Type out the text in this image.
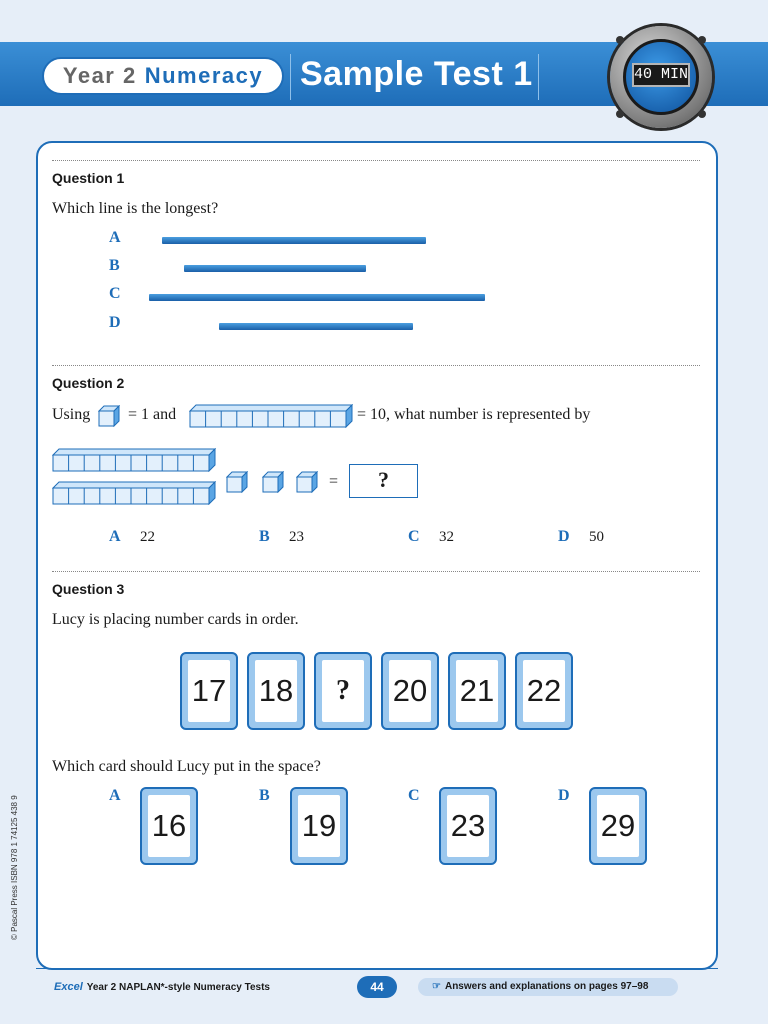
Year 2 Numeracy Sample Test 1	40 MIN
Question 1
Which line is the longest?
A
B
C
D
Question 2
Using = 1 and	= 10, what number is represented by
=	?
A 22	B 23	C 32	D 50
Question 3
Lucy is placing number cards in order.
17 18	?	20 21 22
Which card should Lucy put in the space?
A
16
B
19
C
23
D
29
© Pascal Press ISBN 978 1 74125 438 9
Excel Year 2 NAPLAN*-style Numeracy Tests	44	☞ Answers and explanations on pages 97–98
